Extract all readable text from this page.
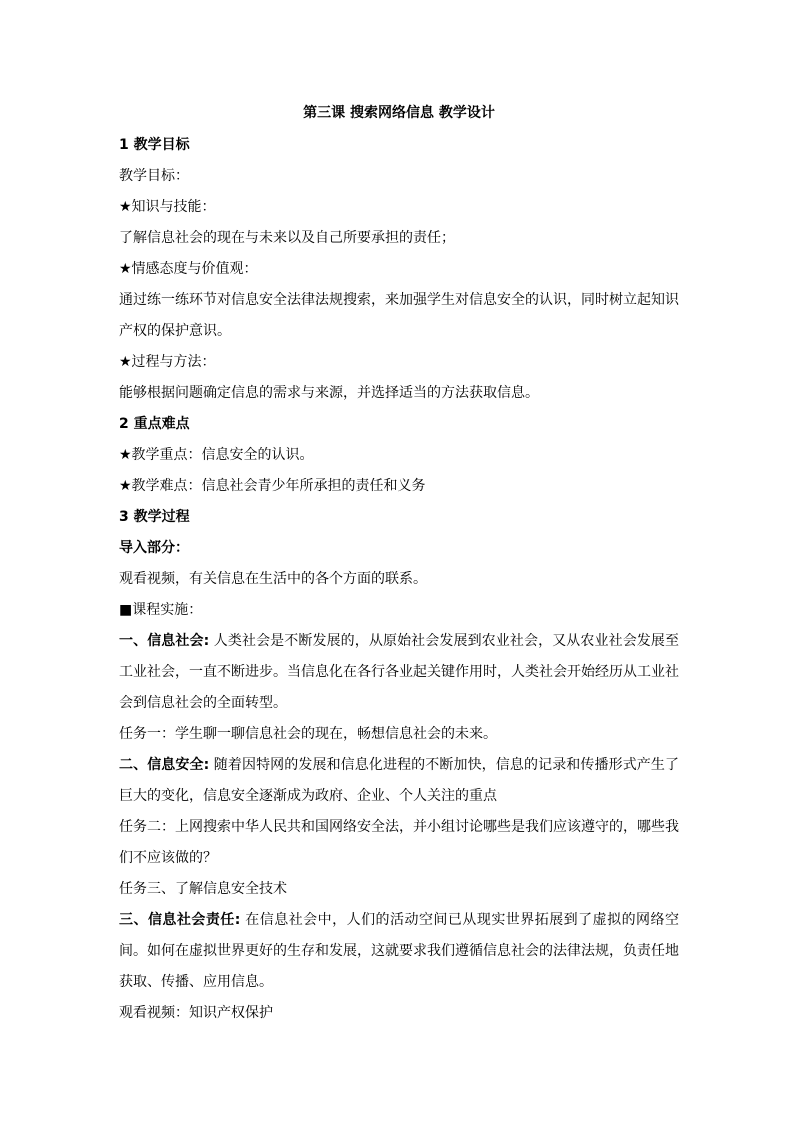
第三课 搜索网络信息 教学设计
1 教学目标
教学目标：
★知识与技能：
了解信息社会的现在与未来以及自己所要承担的责任；
★情感态度与价值观：
通过练一练环节对信息安全法律法规搜索，来加强学生对信息安全的认识，同时树立起知识产权的保护意识。
★过程与方法：
能够根据问题确定信息的需求与来源，并选择适当的方法获取信息。
2 重点难点
★教学重点：信息安全的认识。
★教学难点：信息社会青少年所承担的责任和义务
3 教学过程
导入部分：
观看视频，有关信息在生活中的各个方面的联系。
■课程实施：
一、信息社会: 人类社会是不断发展的，从原始社会发展到农业社会，又从农业社会发展至工业社会，一直不断进步。当信息化在各行各业起关键作用时，人类社会开始经历从工业社会到信息社会的全面转型。
任务一：学生聊一聊信息社会的现在，畅想信息社会的未来。
二、信息安全: 随着因特网的发展和信息化进程的不断加快，信息的记录和传播形式产生了巨大的变化，信息安全逐渐成为政府、企业、个人关注的重点
任务二：上网搜索中华人民共和国网络安全法，并小组讨论哪些是我们应该遵守的，哪些我们不应该做的？
任务三、了解信息安全技术
三、信息社会责任: 在信息社会中，人们的活动空间已从现实世界拓展到了虚拟的网络空间。如何在虚拟世界更好的生存和发展，这就要求我们遵循信息社会的法律法规，负责任地获取、传播、应用信息。
观看视频：知识产权保护
